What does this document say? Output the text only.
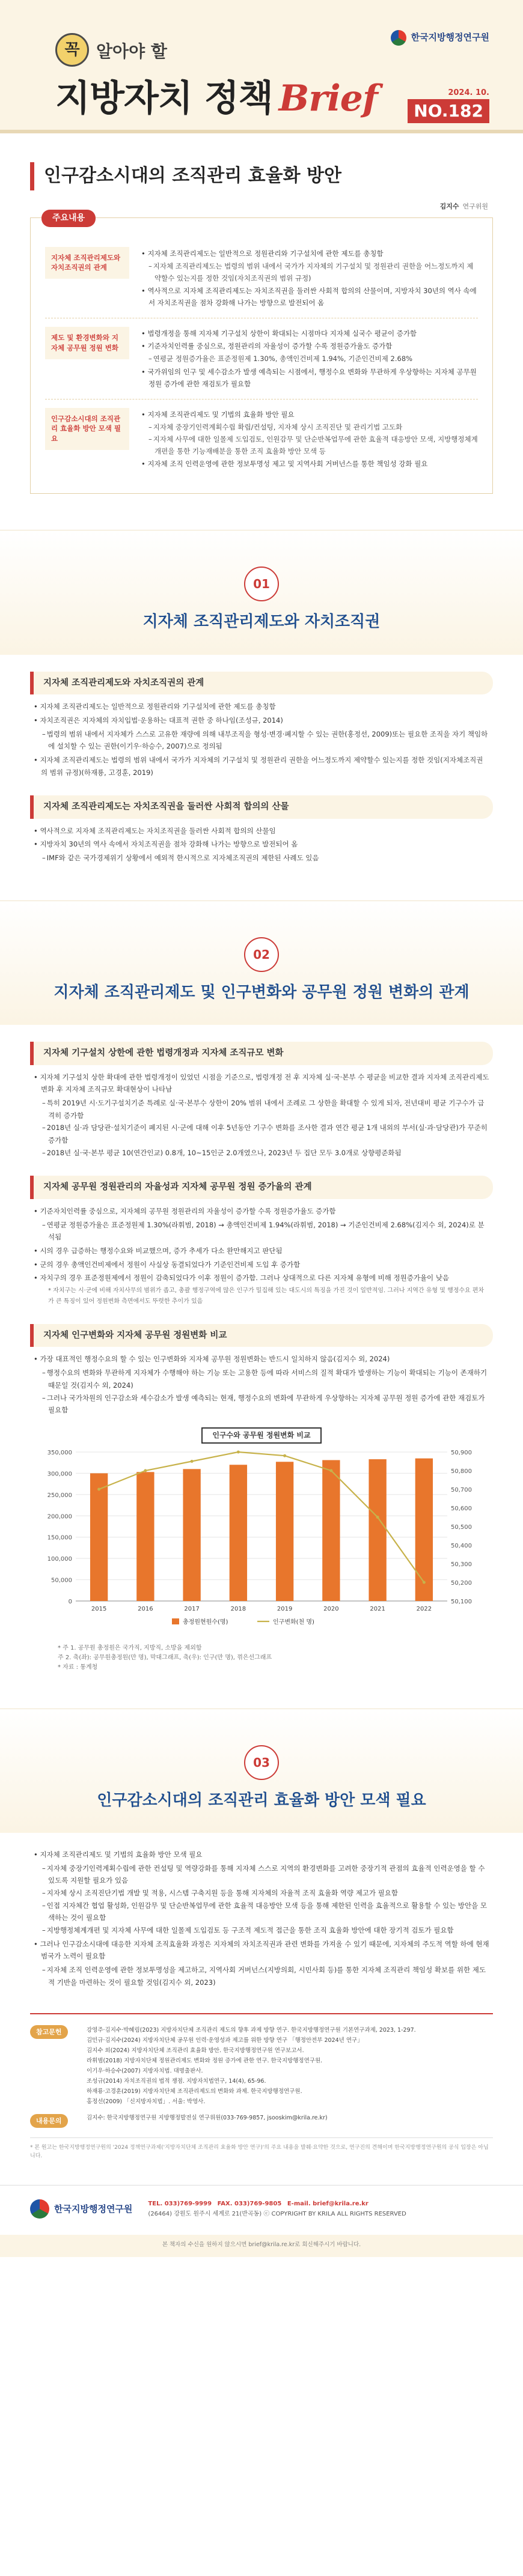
한국지방행정연구원
꼭 알아야 할
지방자치 정책 Brief	2024. 10.
NO.182
인구감소시대의 조직관리 효율화 방안
김지수 연구위원
주요내용
지자체 조직관리제도와 자치조직권의 관계
• 지자체 조직관리제도는 일반적으로 정원관리와 기구설치에 관한 제도를 총칭함
– 지자체 조직관리제도는 법령의 범위 내에서 국가가 지자체의 기구설치 및 정원관리 권한을 어느정도까지 제약할수 있는지를 정한 것임(자치조직권의 범위 규정)
• 역사적으로 지자체 조직관리제도는 자치조직권을 둘러싼 사회적 합의의 산물이며, 지방자치 30년의 역사 속에서 자치조직권을 점차 강화해 나가는 방향으로 발전되어 옴
제도 및 환경변화와 지자체 공무원 정원 변화
• 법령개정을 통해 지자체 기구설치 상한이 확대되는 시점마다 지자체 실국수 평균이 증가함
• 기준자치인력률 중심으로, 정원관리의 자율성이 증가할 수록 정원증가율도 증가함
– 연평균 정원증가율은 표준정원제 1.30%, 총액인건비제 1.94%, 기준인건비제 2.68%
• 국가위임의 인구 및 세수감소가 발생 예측되는 시점에서, 행정수요 변화와 무관하게 우상향하는 지자체 공무원 정원 증가에 관한 재검토가 필요함
인구감소시대의 조직관리 효율화 방안 모색 필요
• 지자체 조직관리제도 및 기법의 효율화 방안 필요
– 지자체 중장기인력계획수립 확립/컨설팅, 지자체 상시 조직진단 및 관리기법 고도화
– 지자체 사무에 대한 일몰제 도입검토, 인원감무 및 단순반복업무에 관한 효율적 대응방안 모색, 지방행정체계개편을 통한 기능재배분을 통한 조직 효율화 방안 모색 등
• 지자체 조직 인력운영에 관한 정보투명성 제고 및 지역사회 거버넌스를 통한 책임성 강화 필요
01
지자체 조직관리제도와 자치조직권
지자체 조직관리제도와 자치조직권의 관계
• 지자체 조직관리제도는 일반적으로 정원관리와 기구설치에 관한 제도를 총칭함
• 자치조직권은 지자체의 자치입법·운용하는 대표적 권한 중 하나임(조성규, 2014)
– 법령의 범위 내에서 지자체가 스스로 고유한 재량에 의해 내부조직을 형성·변경·폐지할 수 있는 권한(홍정선, 2009)또는 필요한 조직을 자기 책임하에 설치할 수 있는 권한(이기우·하승수, 2007)으로 정의됨
• 지자체 조직관리제도는 법령의 범위 내에서 국가가 지자체의 기구설치 및 정원관리 권한을 어느정도까지 제약할수 있는지를 정한 것임(지자체조직권의 범위 규정)(하재룡, 고경훈, 2019)
지자체 조직관리제도는 자치조직권을 둘러싼 사회적 합의의 산물
• 역사적으로 지자체 조직관리제도는 자치조직권을 둘러싼 사회적 합의의 산물임
• 지방자치 30년의 역사 속에서 자치조직권을 점차 강화해 나가는 방향으로 발전되어 옴
– IMF와 같은 국가경제위기 상황에서 예외적 한시적으로 지자체조직권의 제한된 사례도 있음
02
지자체 조직관리제도 및 인구변화와 공무원 정원 변화의 관계
지자체 기구설치 상한에 관한 법령개정과 지자체 조직규모 변화
• 지자체 기구설치 상한 확대에 관한 법령개정이 있었던 시점을 기준으로, 법령개정 전 후 지자체 실·국·본부 수 평균을 비교한 결과 지자체 조직관리제도 변화 후 지자체 조직규모 확대현상이 나타남
– 특히 2019년 시·도기구설치기준 특례로 실·국·본부수 상한이 20% 범위 내에서 조례로 그 상한을 확대할 수 있게 되자, 전년대비 평균 기구수가 급격히 증가함
– 2018년 실·과 담당관·설치기준이 폐지된 시·군에 대해 이후 5년동안 기구수 변화를 조사한 결과 연간 평균 1개 내외의 부서(실·과·담당관)가 꾸준히 증가함
– 2018년 실·국·본부 평균 10(연간인교) 0.8개, 10~15인군 2.0개였으나, 2023년 두 집단 모두 3.0개로 상향평준화됨
지자체 공무원 정원관리의 자율성과 지자체 공무원 정원 증가율의 관계
• 기준자치인력률 중심으로, 지자체의 공무원 정원관리의 자율성이 증가할 수록 정원증가율도 증가함
– 연평균 정원증가율은 표준정원제 1.30%(라휘범, 2018) → 총액인건비제 1.94%(라휘범, 2018) → 기준인건비제 2.68%(김지수 외, 2024)로 분석됨
• 시의 경우 급증하는 행정수요와 비교했으며, 증가 추세가 다소 완만해지고 판단됨
• 군의 경우 총액인건비제에서 정원이 사실상 동결되었다가 기준인건비제 도입 후 증가함
• 자치구의 경우 표준정원제에서 정원이 감축되었다가 이후 정원이 증가함. 그러나 상대적으로 다른 지자체 유형에 비해 정원증가율이 낮음
* 자치구는 시·군에 비해 자치사무의 범위가 좁고, 총괄 행정구역에 많은 인구가 밀집해 있는 대도시의 특징을 가진 것이 일반적임. 그러나 지역간 유형 및 행정수요 편차가 큰 특징이 있어 정원변화 측면에서도 뚜렷한 추이가 있음
지자체 인구변화와 지자체 공무원 정원변화 비교
• 가장 대표적인 행정수요의 할 수 있는 인구변화와 지자체 공무원 정원변화는 반드시 일치하지 않음(김지수 외, 2024)
– 행정수요의 변화와 무관하게 지자체가 수행해야 하는 기능 또는 고용한 등에 따라 서비스의 질적 확대가 발생하는 기능이 확대되는 기능이 존재하기 때문일 것(김지수 외, 2024)
– 그러나 국가차원의 인구감소와 세수감소가 발생 예측되는 현재, 행정수요의 변화에 무관하게 우상향하는 지자체 공무원 정원 증가에 관한 재검토가 필요함
인구수와 공무원 정원변화 비교
0
50,000
100,000
150,000
200,000
250,000
300,000
350,000
50,100
50,200
50,300
50,400
50,500
50,600
50,700
50,800
50,900
2015	2016	2017	2018	2019	2020	2021	2022
총정원현원수(명)	인구변화(천 명)
* 주 1. 공무원 총정원은 국가직, 지방직, 소방을 제외함
주 2. 축(좌): 공무원총정원(만 명), 막대그래프, 축(우): 인구(만 명), 꺾은선그래프
* 자료 : 통계청
03
인구감소시대의 조직관리 효율화 방안 모색 필요
• 지자체 조직관리제도 및 기법의 효율화 방안 모색 필요
– 지자체 중장기인력계획수립에 관한 컨설팅 및 역량강화를 통해 지자체 스스로 지역의 환경변화를 고려한 중장기적 관점의 효율적 인력운영을 할 수 있도록 지원할 필요가 있음
– 지자체 상시 조직진단기법 개발 및 적용, 시스템 구축지원 등을 통해 지자체의 자율적 조직 효율화 역량 제고가 필요함
– 인접 지자체간 협업 활성화, 인원감무 및 단순반복업무에 관한 효율적 대응방안 모색 등을 통해 제한된 인력을 효율적으로 활용할 수 있는 방안을 모색하는 것이 필요함
– 지방행정체계개편 및 지자체 사무에 대한 일몰제 도입검토 등 구조적 제도적 접근을 통한 조직 효율화 방안에 대한 장기적 검토가 필요함
• 그러나 인구감소시대에 대응한 지자체 조직효율화 과정은 지자체의 자치조직권과 관련 변화를 가져올 수 있기 때문에, 지자체의 주도적 역할 하에 현재 범국가 노력이 필요함
– 지자체 조직 인력운영에 관한 정보투명성을 제고하고, 지역사회 거버넌스(지방의회, 시민사회 등)를 통한 지자체 조직관리 책임성 확보를 위한 제도적 기반을 마련하는 것이 필요할 것임(김지수 외, 2023)
참고문헌	강영주·김지수·박혜림(2023) 지방자치단체 조직관리 제도의 향후 과제 방향 연구. 한국지방행정연구원 기본연구과제, 2023, 1-297.
김민규·김지수(2024) 지방자치단체 공무원 인력·운영성과 제고를 위한 방향 연구 「행정안전부 2024년 연구」
김지수 외(2024) 지방자치단체 조직관리 효율화 방안. 한국지방행정연구원 연구보고서.
라휘범(2018) 지방자치단체 정원관리제도 변화와 정원 증가에 관한 연구. 한국지방행정연구원.
이기우·하승수(2007) 지방자치법. 대명출판사.
조성규(2014) 자치조직권의 법적 쟁점. 지방자치법연구, 14(4), 65-96.
하재룡·고경훈(2019) 지방자치단체 조직관리제도의 변화와 과제. 한국지방행정연구원.
홍정선(2009) 「신지방자치법」. 서울: 박영사.
내용문의	김지수: 한국지방행정연구원 지방행정발전실 연구위원(033-769-9857, jsooskim@krila.re.kr)
* 본 원고는 한국지방행정연구원의 '2024 정책연구과제('지방자치단체 조직관리 효율화 방안 연구)'의 주요 내용을 발췌·요약한 것으로, 연구진의 견해이며 한국지방행정연구원의 공식 입장은 아닙니다.
한국지방행정연구원	TEL. 033)769-9999 FAX. 033)769-9805 E-mail. brief@krila.re.kr
(26464) 강원도 원주시 세계로 21(반곡동) ⓒ COPYRIGHT BY KRILA ALL RIGHTS RESERVED
본 책자의 수신을 원하지 않으시면 brief@krila.re.kr로 회신해주시기 바랍니다.
